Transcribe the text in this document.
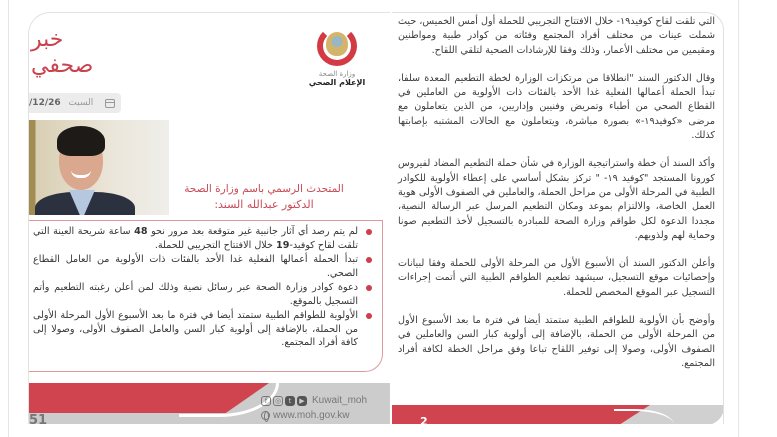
خبر
صحفي
السبت
/12/26
وزارة الصحة
الإعلام الصحي
المتحدث الرسمي باسم وزارة الصحة
الدكتور عبدالله السند:
لم يتم رصد أي آثار جانبية غير متوقعة بعد مرور نحو 48 ساعة شريحة العينة التي تلقت لقاح كوفيد-19 خلال الافتتاح التجريبي للحملة.
تبدأ الحملة أعمالها الفعلية غدا الأحد بالفئات ذات الأولوية من العامل القطاع الصحي.
دعوة كوادر وزارة الصحة عبر رسائل نصية وذلك لمن أعلن رغبته التطعيم وأتم التسجيل بالموقع.
الأولوية للطواقم الطبية ستمتد أيضا في فترة ما بعد الأسبوع الأول المرحلة الأولى من الحملة، بالإضافة إلى أولوية كبار السن والعامل الصفوف الأولى، وصولا إلى كافة أفراد المجتمع.
51
f	◎	t	▶ Kuwait_moh
www.moh.gov.kw

التي تلقت لقاح كوفيد١٩- خلال الافتتاح التجريبي للحملة أول أمس الخميس، حيث شملت عينات من مختلف أفراد المجتمع وفئاته من كوادر طبية ومواطنين ومقيمين من مختلف الأعمار، وذلك وفقا للإرشادات الصحية لتلقي اللقاح.

وقال الدكتور السند "انطلاقا من مرتكزات الوزارة لخطة التطعيم المعدة سلفا، تبدأ الحملة أعمالها الفعلية غدا الأحد بالفئات ذات الأولوية من العاملين في القطاع الصحي من أطباء وتمريض وفنيين وإداريين، من الذين يتعاملون مع مرضى «كوفيد١٩-» بصورة مباشرة، ويتعاملون مع الحالات المشتبه بإصابتها كذلك.

وأكد السند أن خطة واستراتيجية الوزارة في شأن حملة التطعيم المضاد لفيروس كورونا المستجد "كوفيد ١٩- " تركز بشكل أساسي على إعطاء الأولوية للكوادر الطبية في المرحلة الأولى من مراحل الحملة، والعاملين في الصفوف الأولى هوية العمل الخاصة، والالتزام بموعد ومكان التطعيم المرسل عبر الرسالة النصية، مجددا الدعوة لكل طواقم وزارة الصحة للمبادرة بالتسجيل لأخذ التطعيم صونا وحماية لهم ولذويهم.

وأعلن الدكتور السند أن الأسبوع الأول من المرحلة الأولى للحملة وفقا لبيانات وإحصائيات موقع التسجيل، سيشهد تطعيم الطواقم الطبية التي أتمت إجراءات التسجيل عبر الموقع المخصص للحملة.

وأوضح بأن الأولوية للطواقم الطبية ستمتد أيضا في فترة ما بعد الأسبوع الأول من المرحلة الأولى من الحملة، بالإضافة إلى أولوية كبار السن والعاملين في الصفوف الأولى، وصولا إلى توفير اللقاح تباعا وفق مراحل الخطة لكافة أفراد المجتمع.

2
